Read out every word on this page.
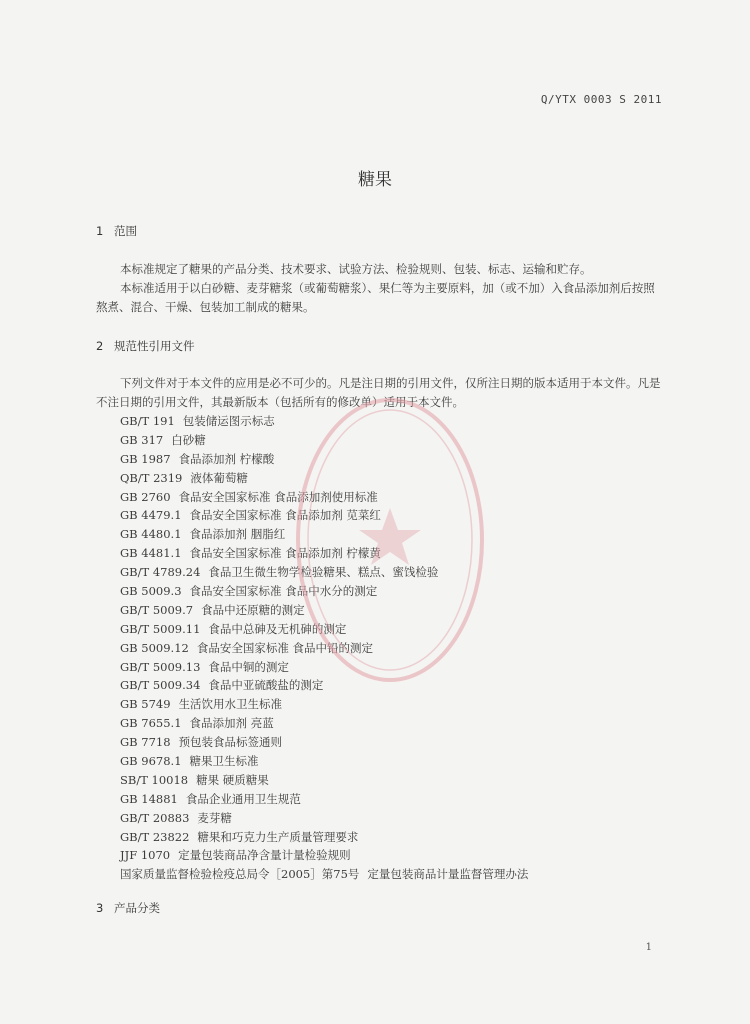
Q/YTX 0003 S 2011
糖果
1 范围
本标准规定了糖果的产品分类、技术要求、试验方法、检验规则、包装、标志、运输和贮存。
本标准适用于以白砂糖、麦芽糖浆（或葡萄糖浆）、果仁等为主要原料，加（或不加）入食品添加剂后按照熬煮、混合、干燥、包装加工制成的糖果。
2 规范性引用文件
下列文件对于本文件的应用是必不可少的。凡是注日期的引用文件，仅所注日期的版本适用于本文件。凡是不注日期的引用文件，其最新版本（包括所有的修改单）适用于本文件。
GB/T 191 包装储运图示标志
GB 317 白砂糖
GB 1987 食品添加剂 柠檬酸
QB/T 2319 液体葡萄糖
GB 2760 食品安全国家标准 食品添加剂使用标准
GB 4479.1 食品安全国家标准 食品添加剂 苋菜红
GB 4480.1 食品添加剂 胭脂红
GB 4481.1 食品安全国家标准 食品添加剂 柠檬黄
GB/T 4789.24 食品卫生微生物学检验糖果、糕点、蜜饯检验
GB 5009.3 食品安全国家标准 食品中水分的测定
GB/T 5009.7 食品中还原糖的测定
GB/T 5009.11 食品中总砷及无机砷的测定
GB 5009.12 食品安全国家标准 食品中铅的测定
GB/T 5009.13 食品中铜的测定
GB/T 5009.34 食品中亚硫酸盐的测定
GB 5749 生活饮用水卫生标准
GB 7655.1 食品添加剂 亮蓝
GB 7718 预包装食品标签通则
GB 9678.1 糖果卫生标准
SB/T 10018 糖果 硬质糖果
GB 14881 食品企业通用卫生规范
GB/T 20883 麦芽糖
GB/T 23822 糖果和巧克力生产质量管理要求
JJF 1070 定量包装商品净含量计量检验规则
国家质量监督检验检疫总局令［2005］第75号 定量包装商品计量监督管理办法
3 产品分类
1
